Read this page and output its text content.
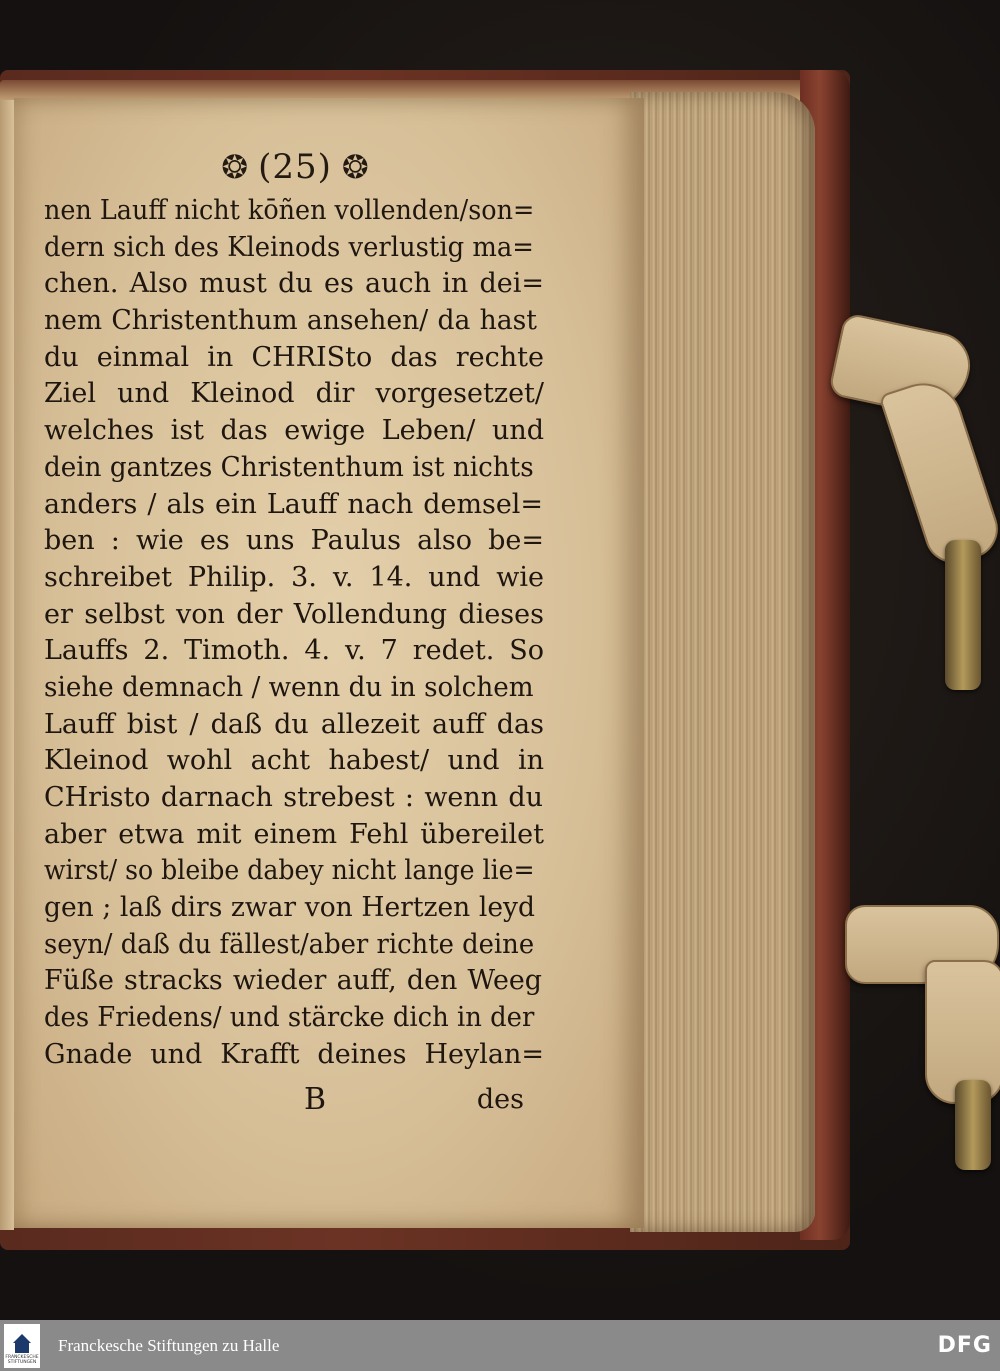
❂ (25) ❂
nen Lauff nicht kōñen vollenden/son=
dern sich des Kleinods verlustig ma=
chen. Also must du es auch in dei=
nem Christenthum ansehen/ da hast
du einmal in CHRISto das rechte
Ziel und Kleinod dir vorgesetzet/
welches ist das ewige Leben/ und
dein gantzes Christenthum ist nichts
anders / als ein Lauff nach demsel=
ben : wie es uns Paulus also be=
schreibet Philip. 3. v. 14. und wie
er selbst von der Vollendung dieses
Lauffs 2. Timoth. 4. v. 7 redet. So
siehe demnach / wenn du in solchem
Lauff bist / daß du allezeit auff das
Kleinod wohl acht habest/ und in
CHristo darnach strebest : wenn du
aber etwa mit einem Fehl übereilet
wirst/ so bleibe dabey nicht lange lie=
gen ; laß dirs zwar von Hertzen leyd
seyn/ daß du fällest/aber richte deine
Füße stracks wieder auff, den Weeg
des Friedens/ und stärcke dich in der
Gnade und Krafft deines Heylan=
B	des
FRANCKESCHE
STIFTUNGEN
Franckesche Stiftungen zu Halle	DFG
